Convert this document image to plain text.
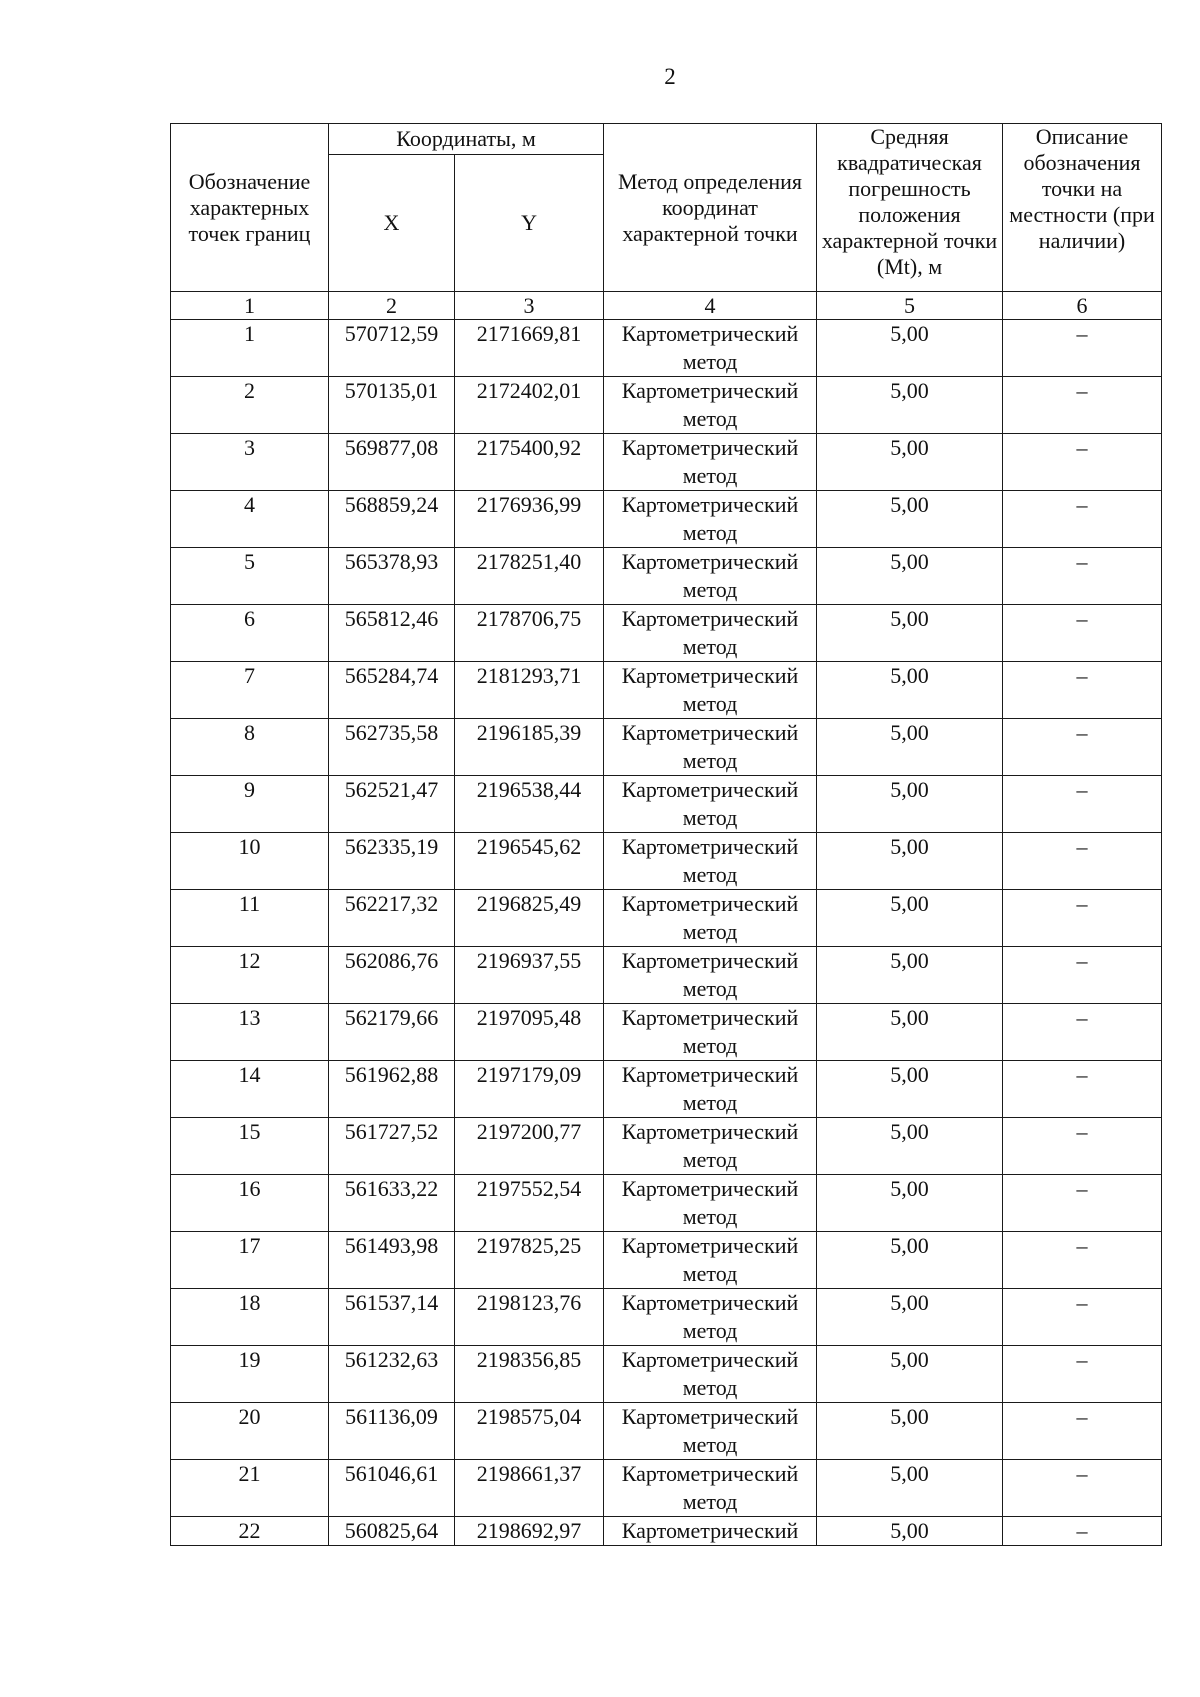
2
Обозначение характерных точек границ	Координаты, м		Метод определения координат характерной точки	Средняя квадратическая погрешность положения характерной точки (Mt), м	Описание обозначения точки на местности (при наличии)
	X	Y			
1	2	3	4	5	6
1	570712,59	2171669,81	Картометрический метод	5,00	–
2	570135,01	2172402,01	Картометрический метод	5,00	–
3	569877,08	2175400,92	Картометрический метод	5,00	–
4	568859,24	2176936,99	Картометрический метод	5,00	–
5	565378,93	2178251,40	Картометрический метод	5,00	–
6	565812,46	2178706,75	Картометрический метод	5,00	–
7	565284,74	2181293,71	Картометрический метод	5,00	–
8	562735,58	2196185,39	Картометрический метод	5,00	–
9	562521,47	2196538,44	Картометрический метод	5,00	–
10	562335,19	2196545,62	Картометрический метод	5,00	–
11	562217,32	2196825,49	Картометрический метод	5,00	–
12	562086,76	2196937,55	Картометрический метод	5,00	–
13	562179,66	2197095,48	Картометрический метод	5,00	–
14	561962,88	2197179,09	Картометрический метод	5,00	–
15	561727,52	2197200,77	Картометрический метод	5,00	–
16	561633,22	2197552,54	Картометрический метод	5,00	–
17	561493,98	2197825,25	Картометрический метод	5,00	–
18	561537,14	2198123,76	Картометрический метод	5,00	–
19	561232,63	2198356,85	Картометрический метод	5,00	–
20	561136,09	2198575,04	Картометрический метод	5,00	–
21	561046,61	2198661,37	Картометрический метод	5,00	–
22	560825,64	2198692,97	Картометрический	5,00	–
